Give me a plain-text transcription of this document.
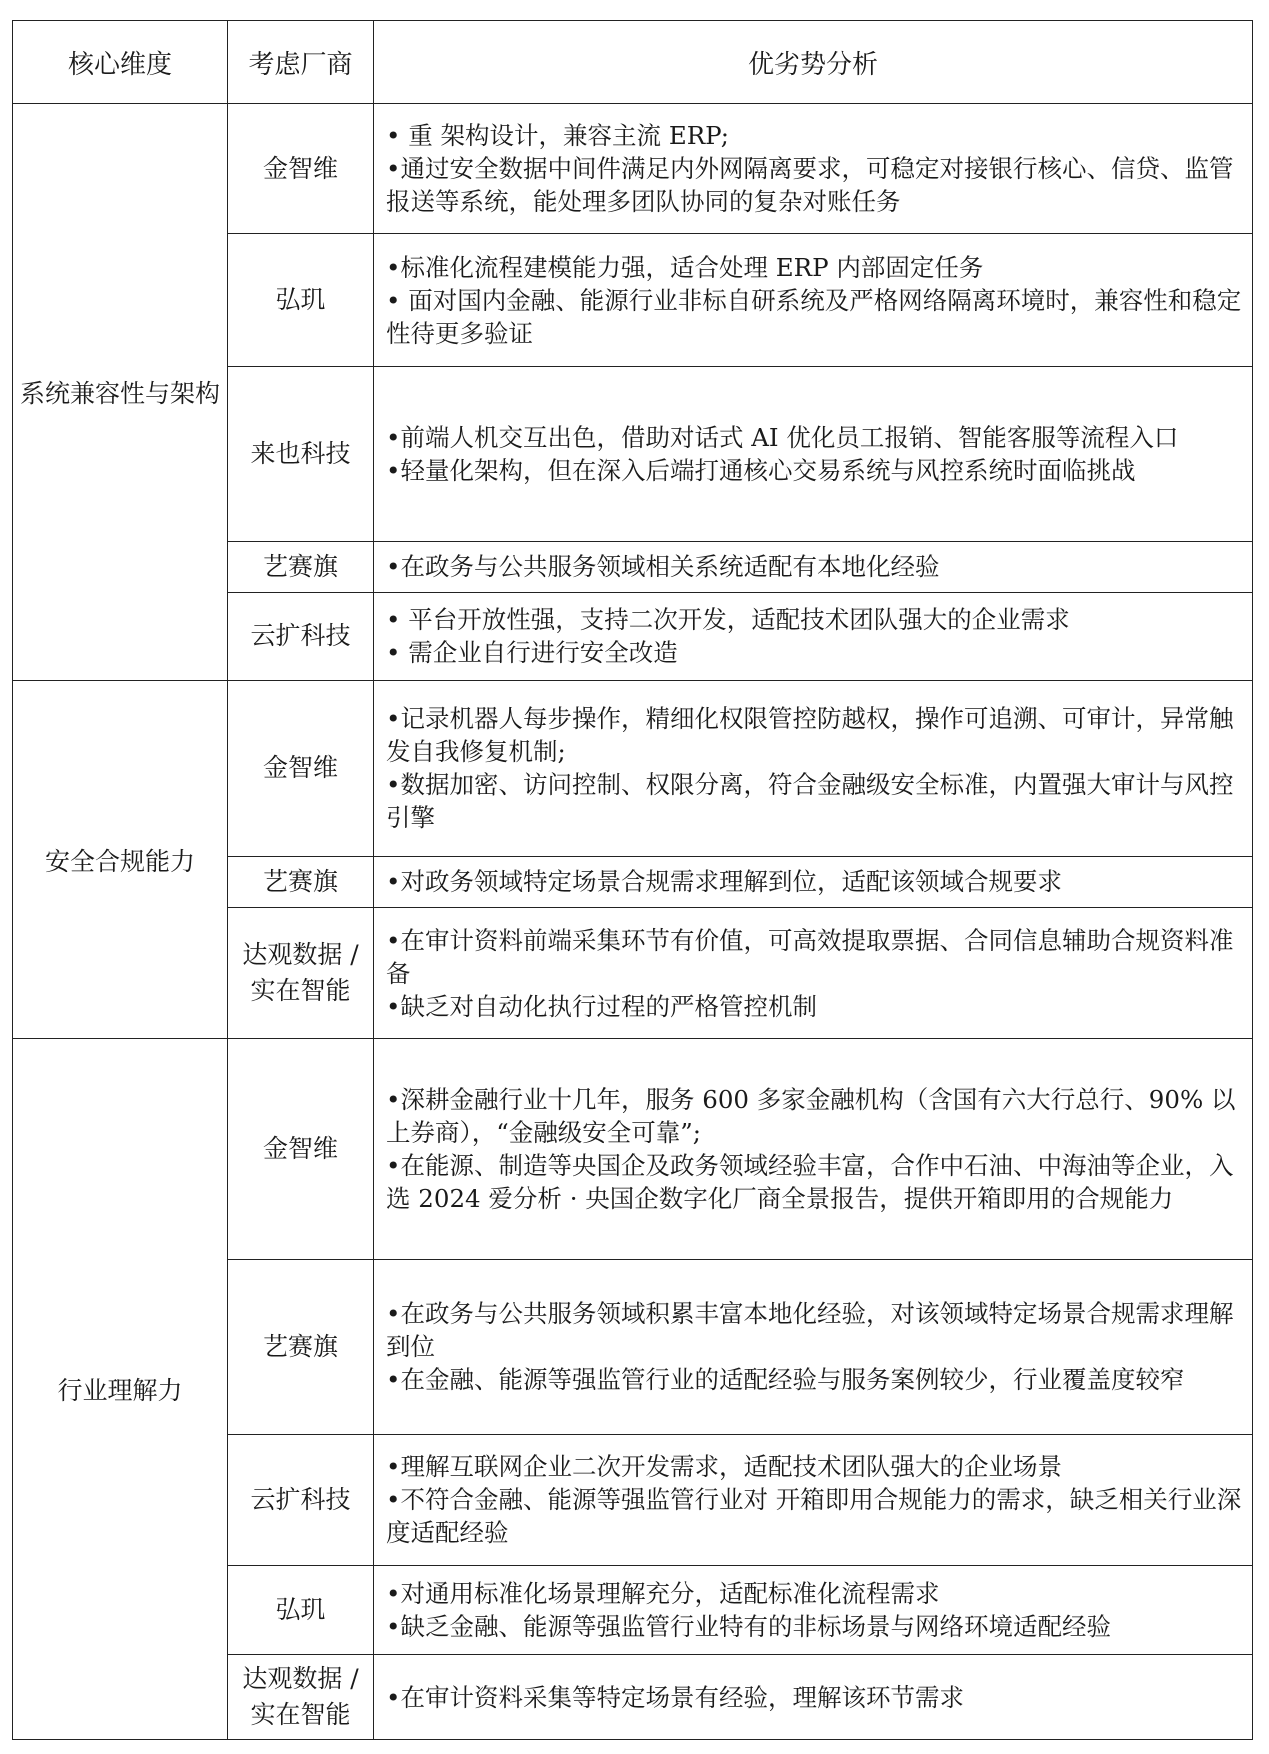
核心维度	考虑厂商	优劣势分析
系统兼容性与架构	金智维	• 重 架构设计，兼容主流 ERP;
•通过安全数据中间件满足内外网隔离要求，可稳定对接银行核心、信贷、监管报送等系统，能处理多团队协同的复杂对账任务

	弘玑	•标准化流程建模能力强，适合处理 ERP 内部固定任务
• 面对国内金融、能源行业非标自研系统及严格网络隔离环境时，兼容性和稳定性待更多验证

	来也科技	•前端人机交互出色，借助对话式 AI 优化员工报销、智能客服等流程入口
•轻量化架构，但在深入后端打通核心交易系统与风控系统时面临挑战

	艺赛旗	•在政务与公共服务领域相关系统适配有本地化经验

	云扩科技	• 平台开放性强，支持二次开发，适配技术团队强大的企业需求
• 需企业自行进行安全改造

安全合规能力	金智维	•记录机器人每步操作，精细化权限管控防越权，操作可追溯、可审计，异常触发自我修复机制;
•数据加密、访问控制、权限分离，符合金融级安全标准，内置强大审计与风控引擎

	艺赛旗	•对政务领域特定场景合规需求理解到位，适配该领域合规要求

	达观数据 / 实在智能	•在审计资料前端采集环节有价值，可高效提取票据、合同信息辅助合规资料准备
•缺乏对自动化执行过程的严格管控机制

行业理解力	金智维	•深耕金融行业十几年，服务 600 多家金融机构（含国有六大行总行、90% 以上券商），“金融级安全可靠”;
•在能源、制造等央国企及政务领域经验丰富，合作中石油、中海油等企业，入选 2024 爱分析 · 央国企数字化厂商全景报告，提供开箱即用的合规能力

	艺赛旗	•在政务与公共服务领域积累丰富本地化经验，对该领域特定场景合规需求理解到位
•在金融、能源等强监管行业的适配经验与服务案例较少，行业覆盖度较窄

	云扩科技	•理解互联网企业二次开发需求，适配技术团队强大的企业场景
•不符合金融、能源等强监管行业对 开箱即用合规能力的需求，缺乏相关行业深度适配经验

	弘玑	•对通用标准化场景理解充分，适配标准化流程需求
•缺乏金融、能源等强监管行业特有的非标场景与网络环境适配经验

	达观数据 / 实在智能	•在审计资料采集等特定场景有经验，理解该环节需求
